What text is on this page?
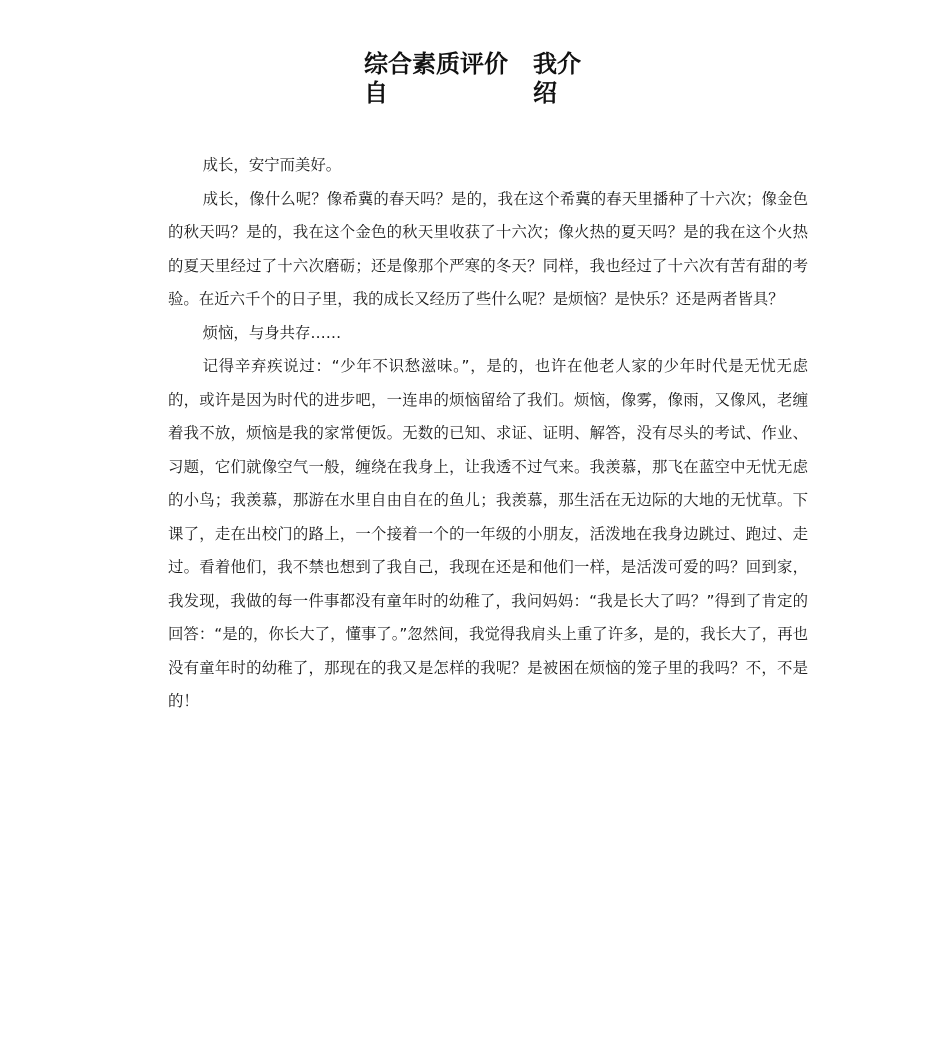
综合素质评价
自
我介
绍

成长，安宁而美好。

成长，像什么呢？像希冀的春天吗？是的，我在这个希冀的春天里播种了十六次；像金色的秋天吗？是的，我在这个金色的秋天里收获了十六次；像火热的夏天吗？是的我在这个火热的夏天里经过了十六次磨砺；还是像那个严寒的冬天？同样，我也经过了十六次有苦有甜的考验。在近六千个的日子里，我的成长又经历了些什么呢？是烦恼？是快乐？还是两者皆具？

烦恼，与身共存……

记得辛弃疾说过：“少年不识愁滋味。”，是的，也许在他老人家的少年时代是无忧无虑的，或许是因为时代的进步吧，一连串的烦恼留给了我们。烦恼，像雾，像雨，又像风，老缠着我不放，烦恼是我的家常便饭。无数的已知、求证、证明、解答，没有尽头的考试、作业、习题，它们就像空气一般，缠绕在我身上，让我透不过气来。我羡慕，那飞在蓝空中无忧无虑的小鸟；我羡慕，那游在水里自由自在的鱼儿；我羡慕，那生活在无边际的大地的无忧草。下课了，走在出校门的路上，一个接着一个的一年级的小朋友，活泼地在我身边跳过、跑过、走过。看着他们，我不禁也想到了我自己，我现在还是和他们一样，是活泼可爱的吗？回到家，我发现，我做的每一件事都没有童年时的幼稚了，我问妈妈：“我是长大了吗？”得到了肯定的回答：“是的，你长大了，懂事了。”忽然间，我觉得我肩头上重了许多，是的，我长大了，再也没有童年时的幼稚了，那现在的我又是怎样的我呢？是被困在烦恼的笼子里的我吗？不，不是的！
